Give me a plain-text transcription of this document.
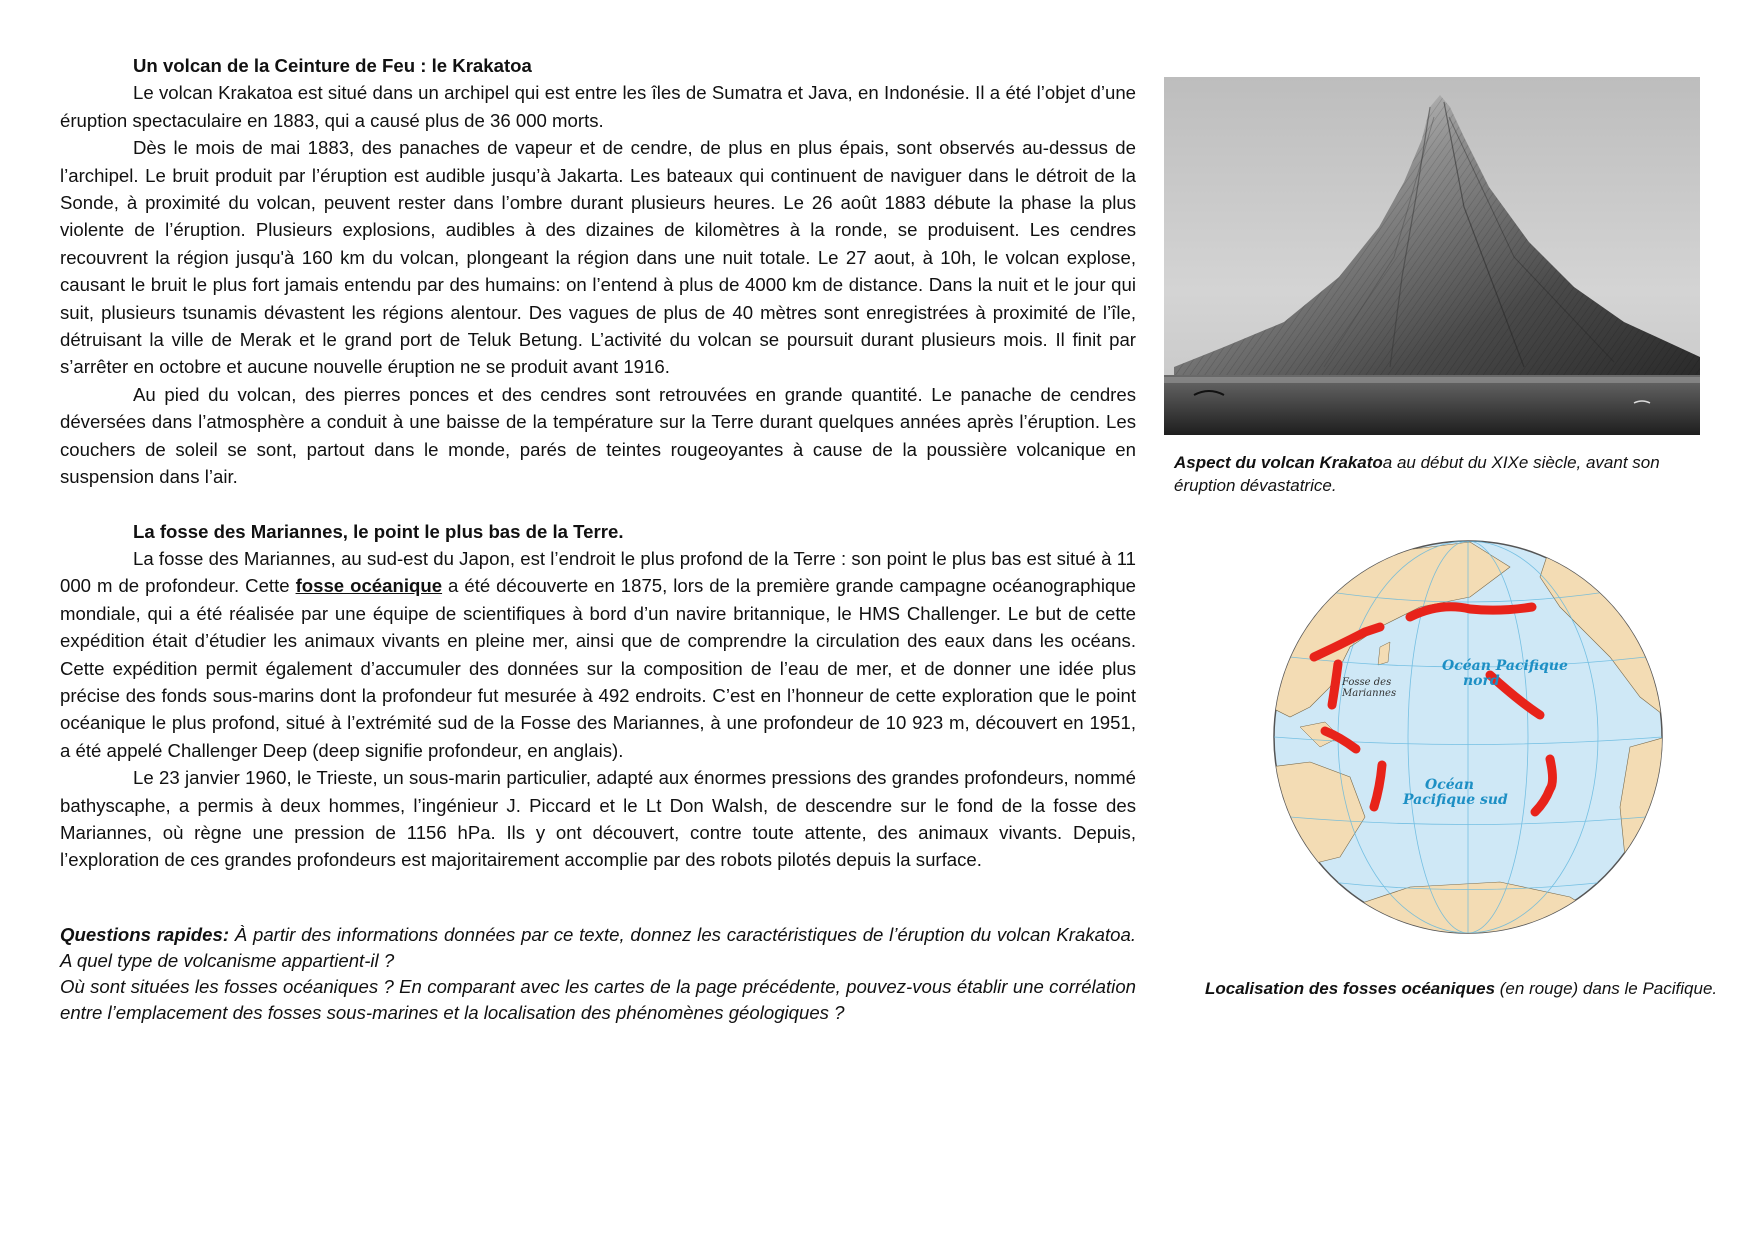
Un volcan de la Ceinture de Feu : le Krakatoa

Le volcan Krakatoa est situé dans un archipel qui est entre les îles de Sumatra et Java, en Indonésie. Il a été l’objet d’une éruption spectaculaire en 1883, qui a causé plus de 36 000 morts.

Dès le mois de mai 1883, des panaches de vapeur et de cendre, de plus en plus épais, sont observés au-dessus de l’archipel. Le bruit produit par l’éruption est audible jusqu’à Jakarta. Les bateaux qui continuent de naviguer dans le détroit de la Sonde, à proximité du volcan, peuvent rester dans l’ombre durant plusieurs heures. Le 26 août 1883 débute la phase la plus violente de l’éruption. Plusieurs explosions, audibles à des dizaines de kilomètres à la ronde, se produisent. Les cendres recouvrent la région jusqu'à 160 km du volcan, plongeant la région dans une nuit totale. Le 27 aout, à 10h, le volcan explose, causant le bruit le plus fort jamais entendu par des humains: on l’entend à plus de 4000 km de distance. Dans la nuit et le jour qui suit, plusieurs tsunamis dévastent les régions alentour. Des vagues de plus de 40 mètres sont enregistrées à proximité de l’île, détruisant la ville de Merak et le grand port de Teluk Betung. L’activité du volcan se poursuit durant plusieurs mois. Il finit par s’arrêter en octobre et aucune nouvelle éruption ne se produit avant 1916.

Au pied du volcan, des pierres ponces et des cendres sont retrouvées en grande quantité. Le panache de cendres déversées dans l’atmosphère a conduit à une baisse de la température sur la Terre durant quelques années après l’éruption. Les couchers de soleil se sont, partout dans le monde, parés de teintes rougeoyantes à cause de la poussière volcanique en suspension dans l’air.

La fosse des Mariannes, le point le plus bas de la Terre.

La fosse des Mariannes, au sud-est du Japon, est l’endroit le plus profond de la Terre : son point le plus bas est situé à 11 000 m de profondeur. Cette fosse océanique a été découverte en 1875, lors de la première grande campagne océanographique mondiale, qui a été réalisée par une équipe de scientifiques à bord d’un navire britannique, le HMS Challenger. Le but de cette expédition était d’étudier les animaux vivants en pleine mer, ainsi que de comprendre la circulation des eaux dans les océans. Cette expédition permit également d’accumuler des données sur la composition de l’eau de mer, et de donner une idée plus précise des fonds sous-marins dont la profondeur fut mesurée à 492 endroits. C’est en l’honneur de cette exploration que le point océanique le plus profond, situé à l’extrémité sud de la Fosse des Mariannes, à une profondeur de 10 923 m, découvert en 1951, a été appelé Challenger Deep (deep signifie profondeur, en anglais).

Le 23 janvier 1960, le Trieste, un sous-marin particulier, adapté aux énormes pressions des grandes profondeurs, nommé bathyscaphe, a permis à deux hommes, l’ingénieur J. Piccard et le Lt Don Walsh, de descendre sur le fond de la fosse des Mariannes, où règne une pression de 1156 hPa. Ils y ont découvert, contre toute attente, des animaux vivants. Depuis, l’exploration de ces grandes profondeurs est majoritairement accomplie par des robots pilotés depuis la surface.

Questions rapides: À partir des informations données par ce texte, donnez les caractéristiques de l’éruption du volcan Krakatoa. A quel type de volcanisme appartient-il ?

Où sont situées les fosses océaniques ? En comparant avec les cartes de la page précédente, pouvez-vous établir une corrélation entre l’emplacement des fosses sous-marines et la localisation des phénomènes géologiques ?

Aspect du volcan Krakatoa au début du XIXe siècle, avant son éruption dévastatrice.
Océan Pacifique
nord
Océan
Pacifique sud
Fosse des
Mariannes
Localisation des fosses océaniques (en rouge) dans le Pacifique.
